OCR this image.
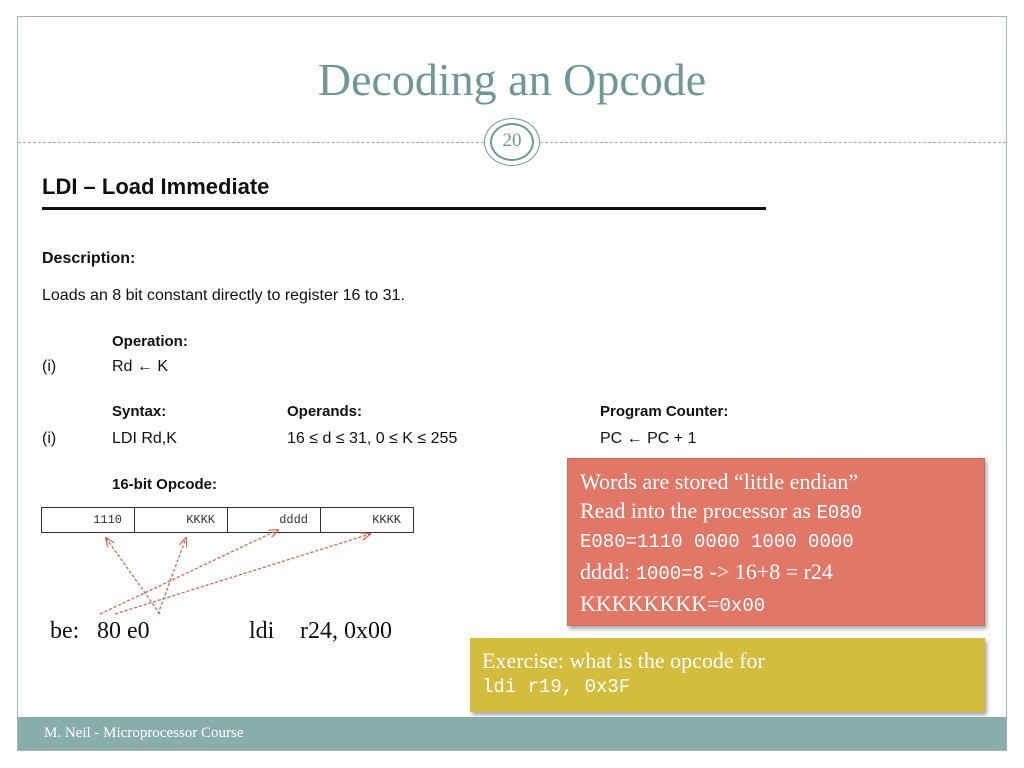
Decoding an Opcode
20
LDI – Load Immediate
Description:
Loads an 8 bit constant directly to register 16 to 31.
Operation:
(i)	Rd ← K
Syntax:	Operands:	Program Counter:
(i)	LDI Rd,K	16 ≤ d ≤ 31, 0 ≤ K ≤ 255	PC ← PC + 1
16-bit Opcode:
1110	KKKK	dddd	KKKK
be: 80 e0	ldi r24, 0x00
Words are stored “little endian”
Read into the processor as E080
E080=1110 0000 1000 0000
dddd: 1000=8 -> 16+8 = r24
KKKKKKKK=0x00
Exercise: what is the opcode for
ldi r19, 0x3F
M. Neil - Microprocessor Course
